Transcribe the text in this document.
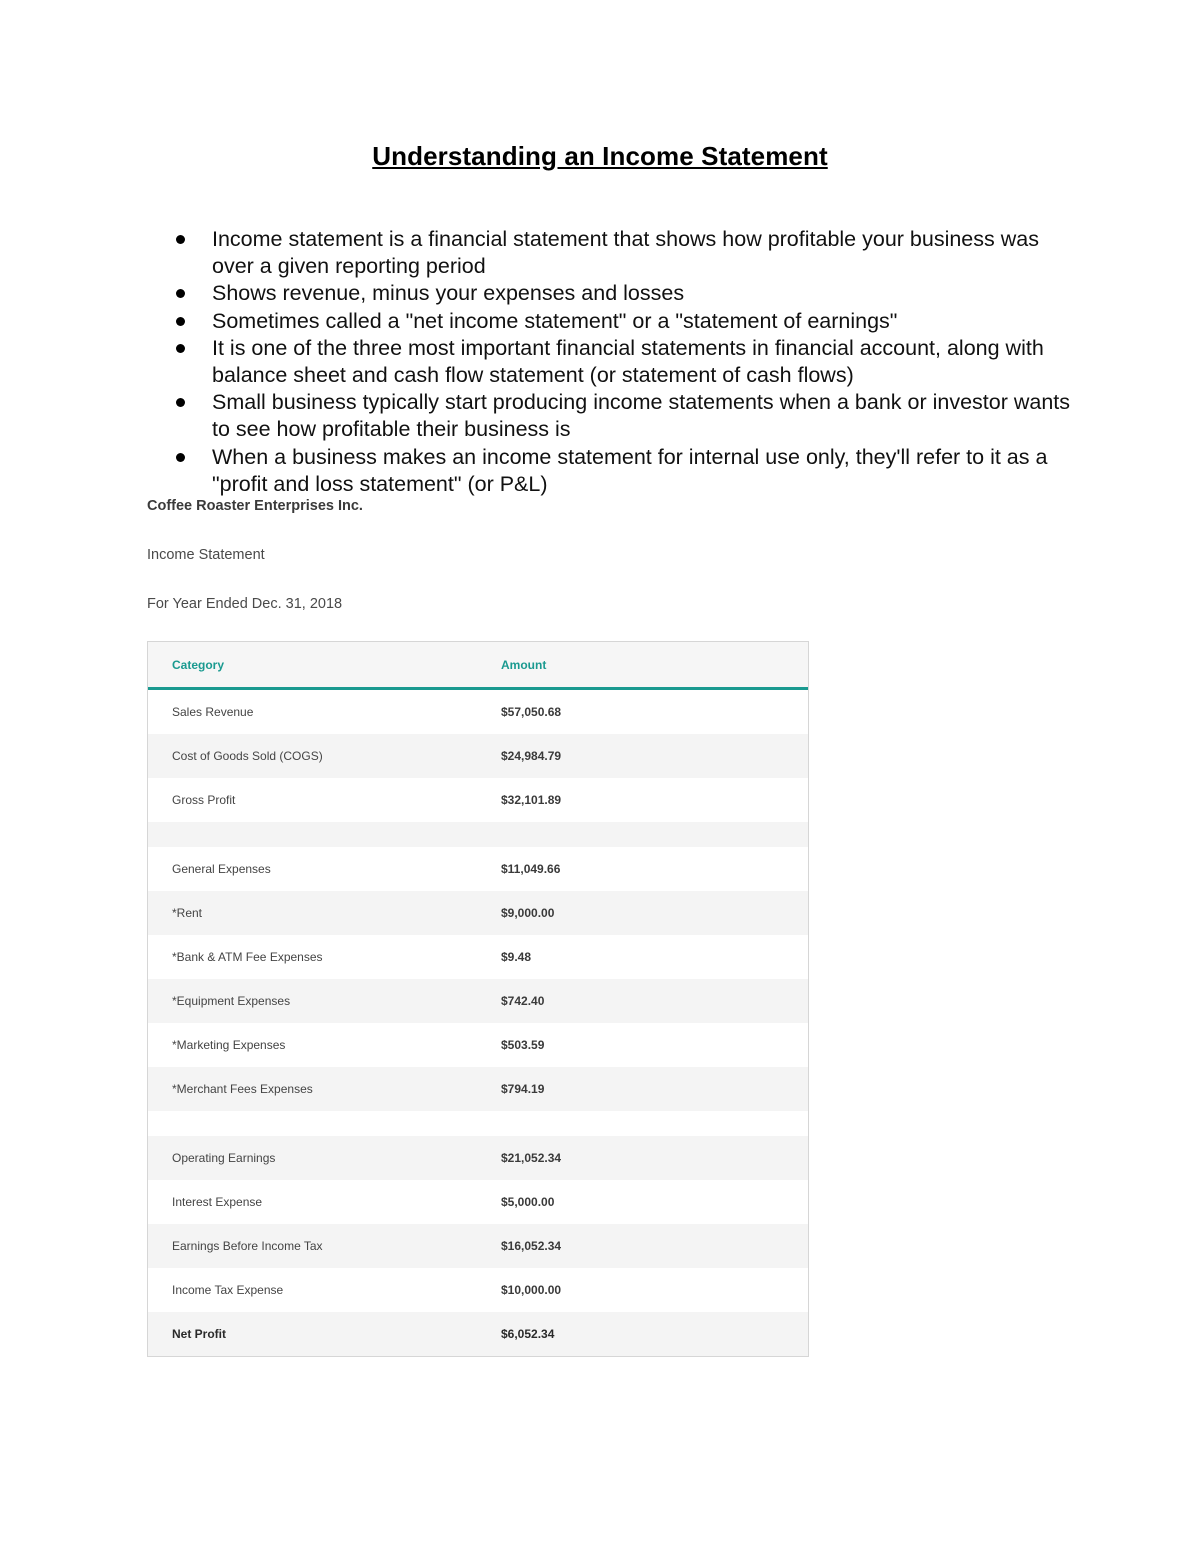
Understanding an Income Statement
Income statement is a financial statement that shows how profitable your business was over a given reporting period
Shows revenue, minus your expenses and losses
Sometimes called a "net income statement" or a "statement of earnings"
It is one of the three most important financial statements in financial account, along with balance sheet and cash flow statement (or statement of cash flows)
Small business typically start producing income statements when a bank or investor wants to see how profitable their business is
When a business makes an income statement for internal use only, they'll refer to it as a "profit and loss statement" (or P&L)
Coffee Roaster Enterprises Inc.
Income Statement
For Year Ended Dec. 31, 2018
Category	Amount
Sales Revenue	$57,050.68
Cost of Goods Sold (COGS)	$24,984.79
Gross Profit	$32,101.89
General Expenses	$11,049.66
*Rent	$9,000.00
*Bank & ATM Fee Expenses	$9.48
*Equipment Expenses	$742.40
*Marketing Expenses	$503.59
*Merchant Fees Expenses	$794.19
Operating Earnings	$21,052.34
Interest Expense	$5,000.00
Earnings Before Income Tax	$16,052.34
Income Tax Expense	$10,000.00
Net Profit	$6,052.34
